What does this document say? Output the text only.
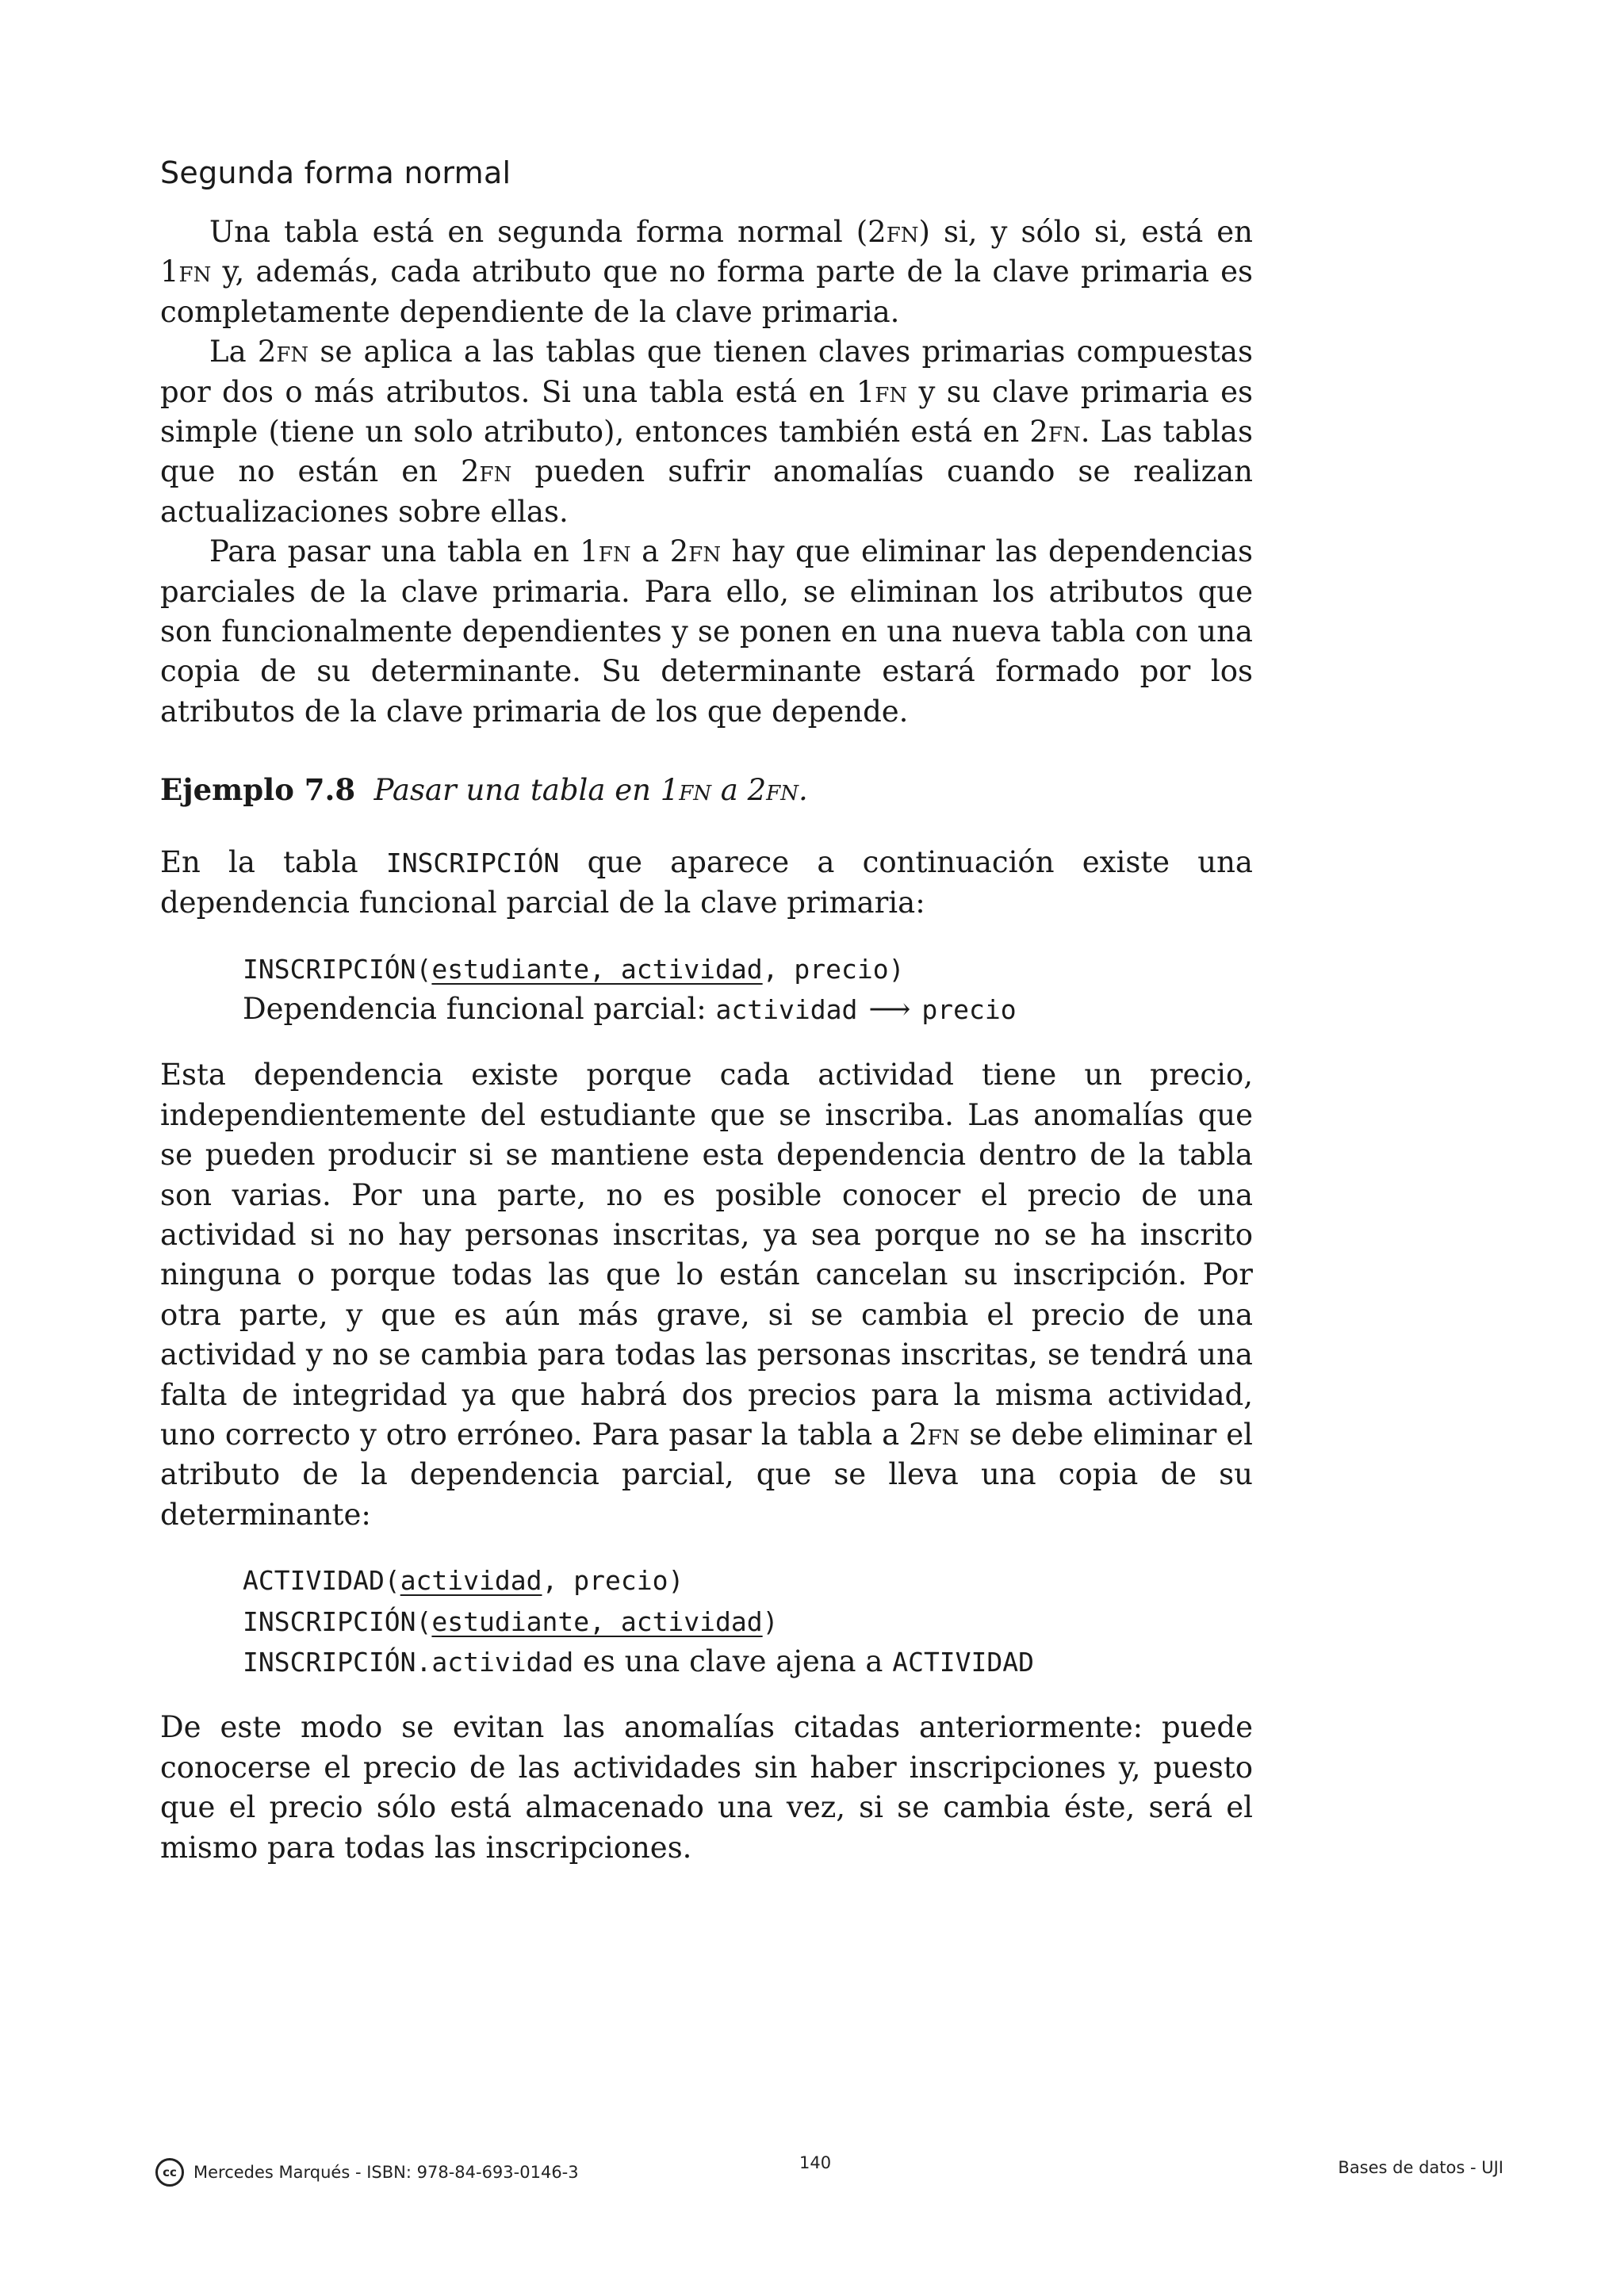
Segunda forma normal

Una tabla está en segunda forma normal (2fn) si, y sólo si, está en 1fn y, además, cada atributo que no forma parte de la clave primaria es completamente dependiente de la clave primaria.

La 2fn se aplica a las tablas que tienen claves primarias compuestas por dos o más atributos. Si una tabla está en 1fn y su clave primaria es simple (tiene un solo atributo), entonces también está en 2fn. Las tablas que no están en 2fn pueden sufrir anomalías cuando se realizan actualizaciones sobre ellas.

Para pasar una tabla en 1fn a 2fn hay que eliminar las dependencias parciales de la clave primaria. Para ello, se eliminan los atributos que son funcionalmente dependientes y se ponen en una nueva tabla con una copia de su determinante. Su determinante estará formado por los atributos de la clave primaria de los que depende.

Ejemplo 7.8 Pasar una tabla en 1fn a 2fn.

En la tabla INSCRIPCIÓN que aparece a continuación existe una dependencia funcional parcial de la clave primaria:

INSCRIPCIÓN(estudiante, actividad, precio)
Dependencia funcional parcial: actividad ⟶ precio

Esta dependencia existe porque cada actividad tiene un precio, independientemente del estudiante que se inscriba. Las anomalías que se pueden producir si se mantiene esta dependencia dentro de la tabla son varias. Por una parte, no es posible conocer el precio de una actividad si no hay personas inscritas, ya sea porque no se ha inscrito ninguna o porque todas las que lo están cancelan su inscripción. Por otra parte, y que es aún más grave, si se cambia el precio de una actividad y no se cambia para todas las personas inscritas, se tendrá una falta de integridad ya que habrá dos precios para la misma actividad, uno correcto y otro erróneo. Para pasar la tabla a 2fn se debe eliminar el atributo de la dependencia parcial, que se lleva una copia de su determinante:

ACTIVIDAD(actividad, precio)
INSCRIPCIÓN(estudiante, actividad)
INSCRIPCIÓN.actividad es una clave ajena a ACTIVIDAD

De este modo se evitan las anomalías citadas anteriormente: puede conocerse el precio de las actividades sin haber inscripciones y, puesto que el precio sólo está almacenado una vez, si se cambia éste, será el mismo para todas las inscripciones.

cc	Mercedes Marqués - ISBN: 978-84-693-0146-3	140	Bases de datos - UJI
